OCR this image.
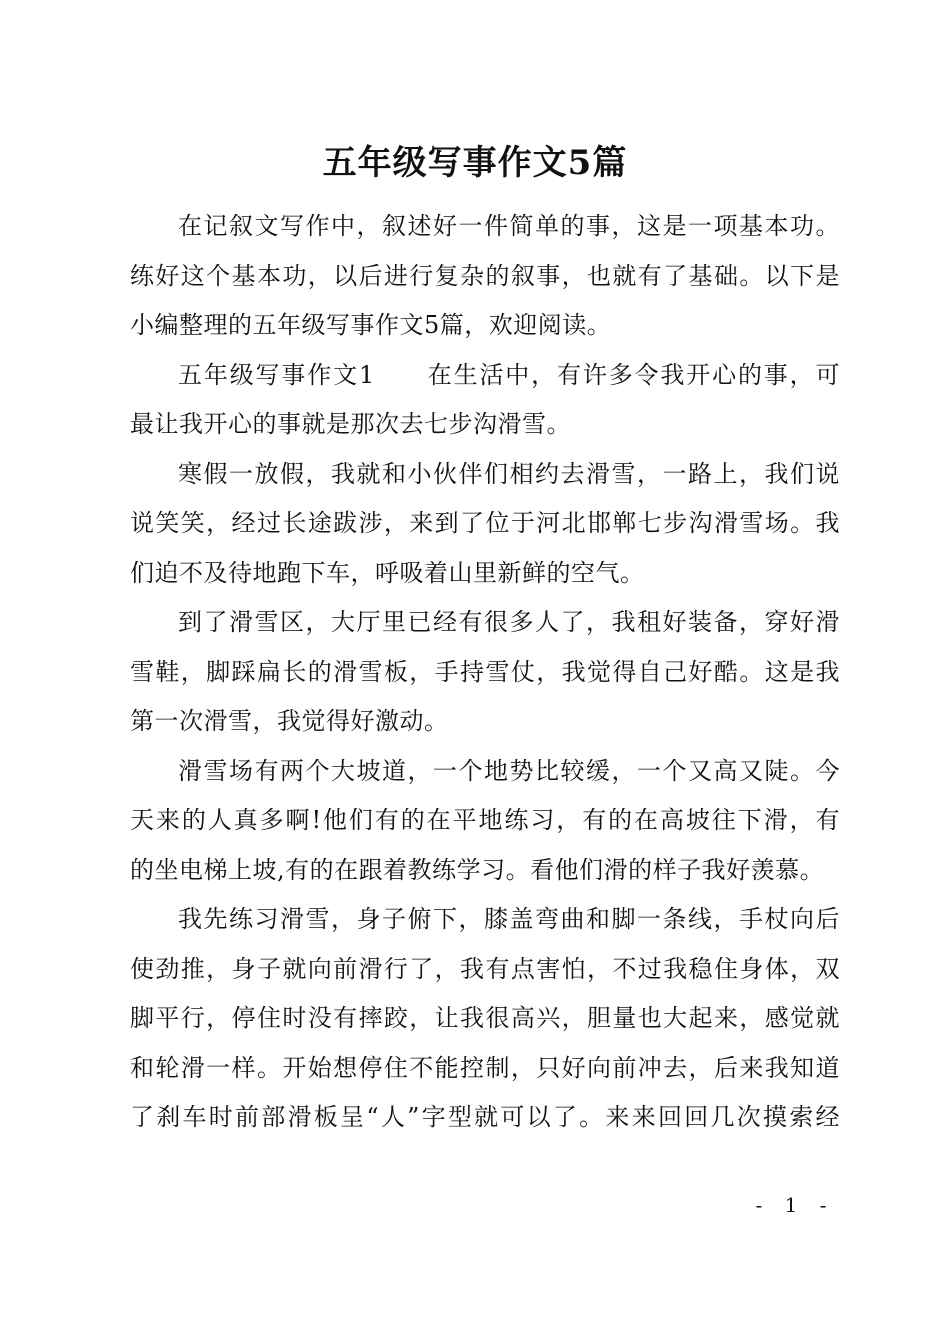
五年级写事作文5篇
在记叙文写作中，叙述好一件简单的事，这是一项基本功。
练好这个基本功，以后进行复杂的叙事，也就有了基础。以下是
小编整理的五年级写事作文5篇，欢迎阅读。
五年级写事作文1　　在生活中，有许多令我开心的事，可
最让我开心的事就是那次去七步沟滑雪。
寒假一放假，我就和小伙伴们相约去滑雪，一路上，我们说
说笑笑，经过长途跋涉，来到了位于河北邯郸七步沟滑雪场。我
们迫不及待地跑下车，呼吸着山里新鲜的空气。
到了滑雪区，大厅里已经有很多人了，我租好装备，穿好滑
雪鞋，脚踩扁长的滑雪板，手持雪仗，我觉得自己好酷。这是我
第一次滑雪，我觉得好激动。
滑雪场有两个大坡道，一个地势比较缓，一个又高又陡。今
天来的人真多啊!他们有的在平地练习，有的在高坡往下滑，有
的坐电梯上坡,有的在跟着教练学习。看他们滑的样子我好羡慕。
我先练习滑雪，身子俯下，膝盖弯曲和脚一条线，手杖向后
使劲推，身子就向前滑行了，我有点害怕，不过我稳住身体，双
脚平行，停住时没有摔跤，让我很高兴，胆量也大起来，感觉就
和轮滑一样。开始想停住不能控制，只好向前冲去，后来我知道
了刹车时前部滑板呈“人”字型就可以了。来来回回几次摸索经
- 1 -
